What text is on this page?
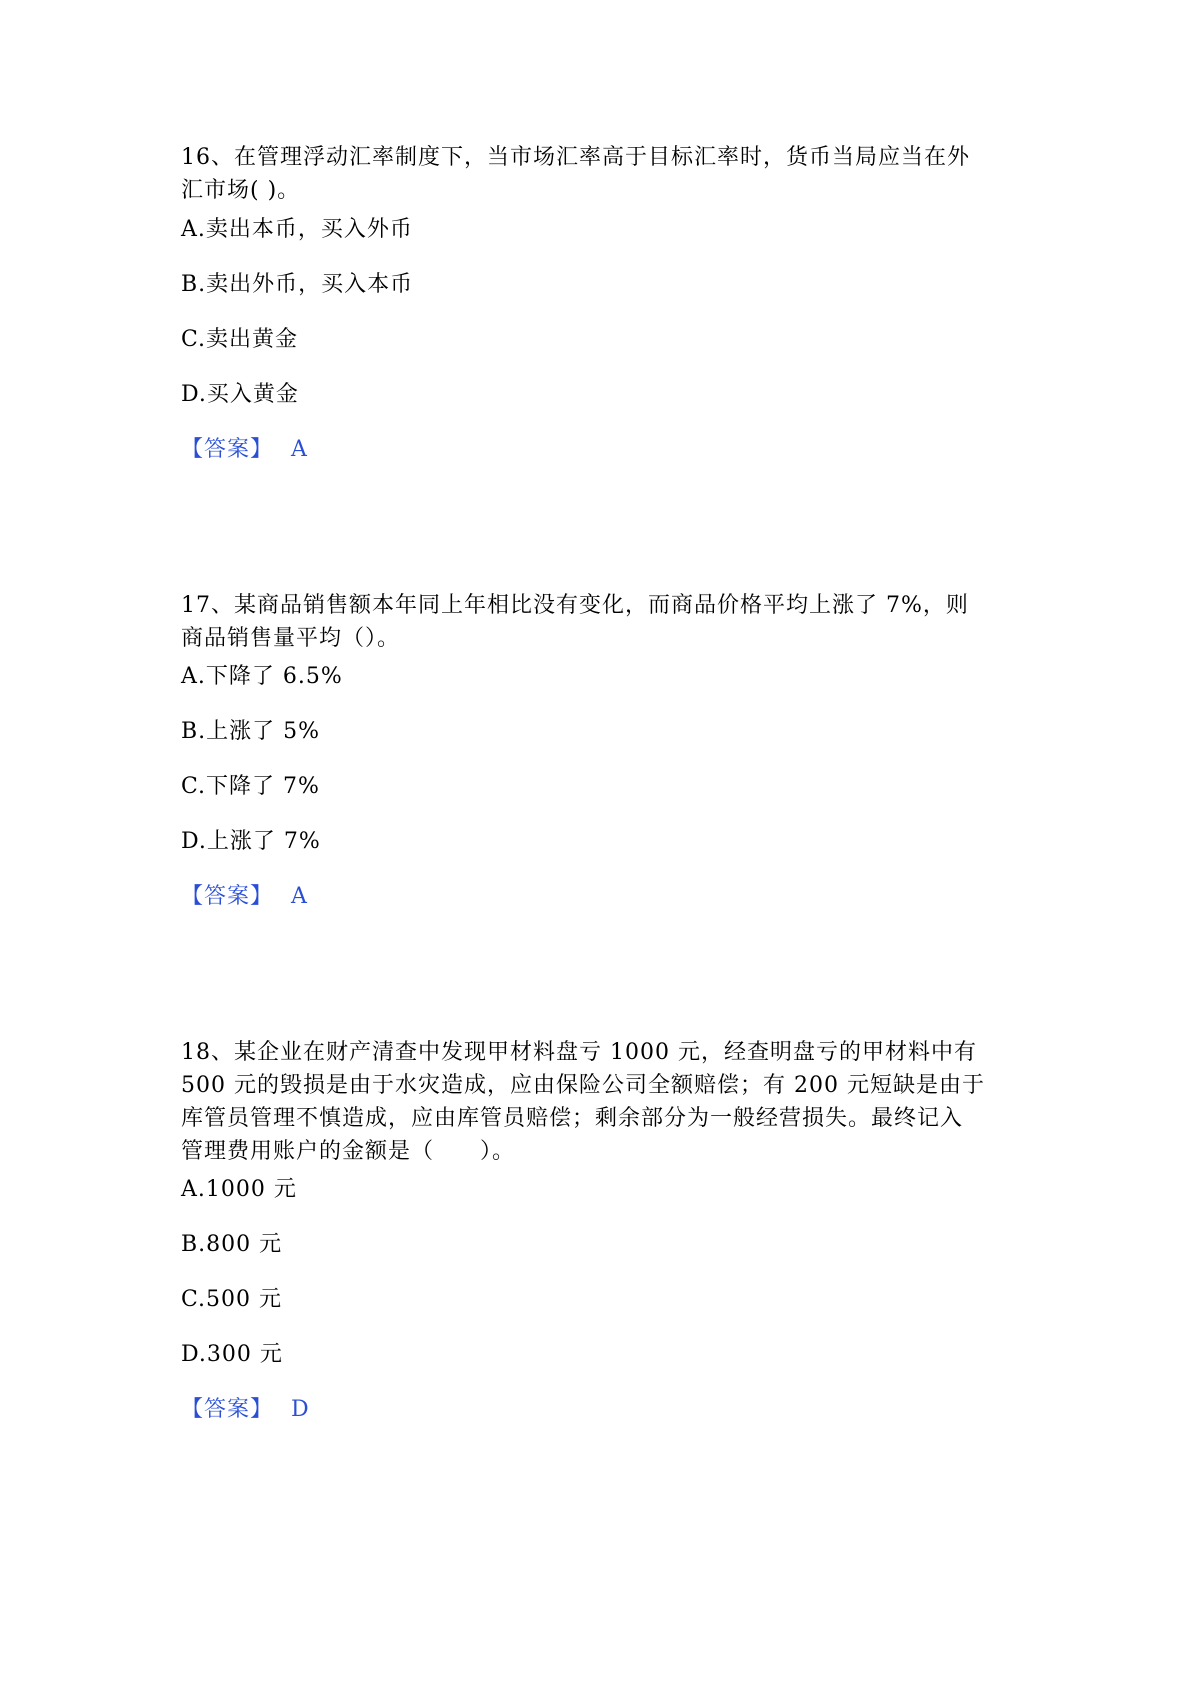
16、在管理浮动汇率制度下，当市场汇率高于目标汇率时，货币当局应当在外
汇市场( )。

A.卖出本币，买入外币
B.卖出外币，买入本币
C.卖出黄金
D.买入黄金
【答案】 A

17、某商品销售额本年同上年相比没有变化，而商品价格平均上涨了 7%，则
商品销售量平均（）。

A.下降了 6.5%
B.上涨了 5%
C.下降了 7%
D.上涨了 7%
【答案】 A

18、某企业在财产清查中发现甲材料盘亏 1000 元，经查明盘亏的甲材料中有
500 元的毁损是由于水灾造成，应由保险公司全额赔偿；有 200 元短缺是由于
库管员管理不慎造成，应由库管员赔偿；剩余部分为一般经营损失。最终记入
管理费用账户的金额是（　　）。

A.1000 元
B.800 元
C.500 元
D.300 元
【答案】 D
